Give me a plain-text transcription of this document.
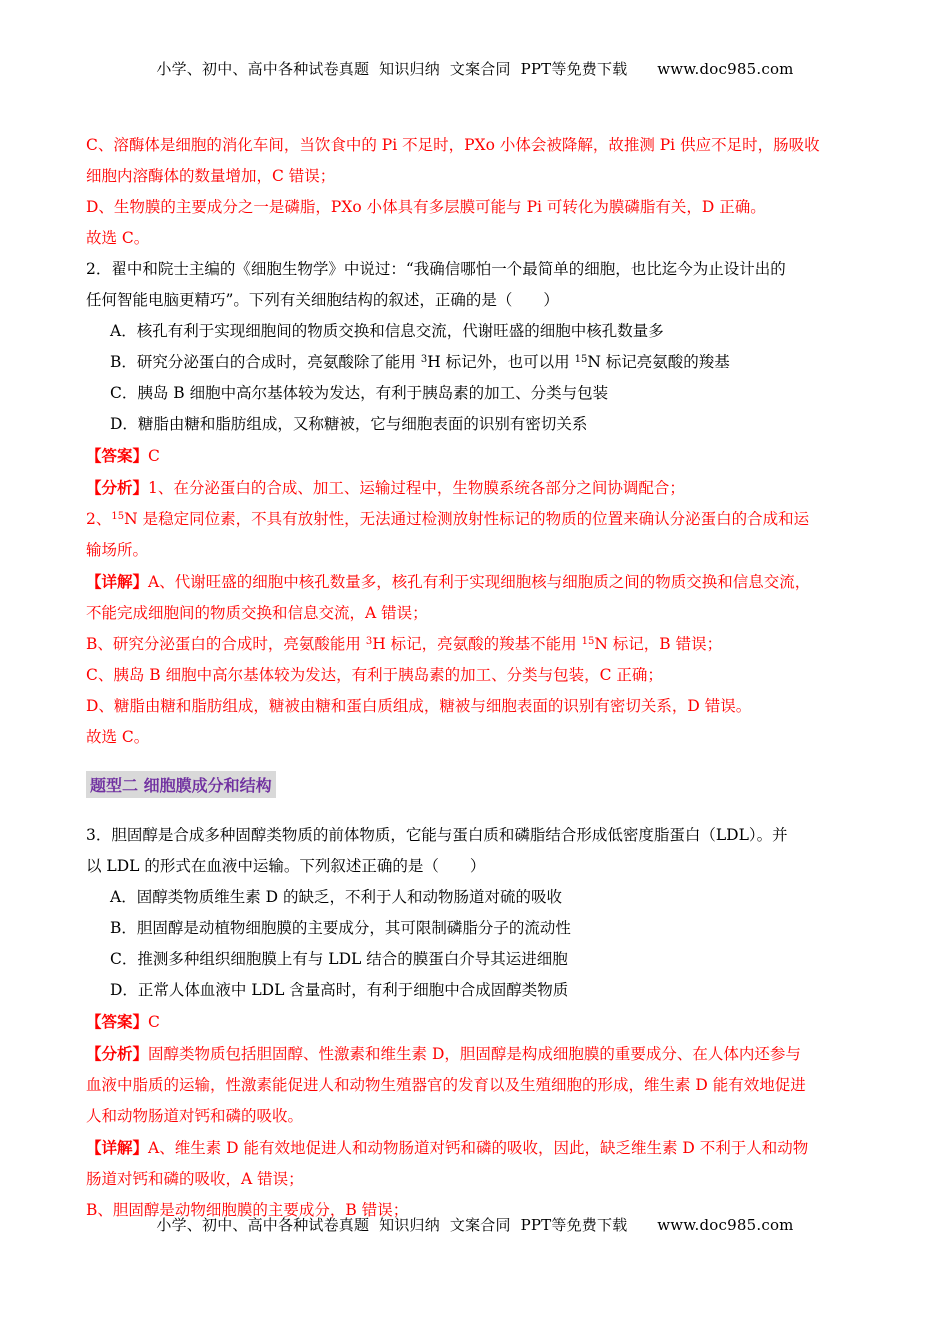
小学、初中、高中各种试卷真题  知识归纳  文案合同  PPT等免费下载      www.doc985.com

C、溶酶体是细胞的消化车间，当饮食中的 Pi 不足时，PXo 小体会被降解，故推测 Pi 供应不足时，肠吸收

细胞内溶酶体的数量增加，C 错误；

D、生物膜的主要成分之一是磷脂，PXo 小体具有多层膜可能与 Pi 可转化为膜磷脂有关，D 正确。

故选 C。

2．翟中和院士主编的《细胞生物学》中说过：“我确信哪怕一个最简单的细胞，也比迄今为止设计出的

任何智能电脑更精巧”。下列有关细胞结构的叙述，正确的是（　　）

A．核孔有利于实现细胞间的物质交换和信息交流，代谢旺盛的细胞中核孔数量多

B．研究分泌蛋白的合成时，亮氨酸除了能用 $^3$H 标记外，也可以用 $^{15}$N 标记亮氨酸的羧基

C．胰岛 B 细胞中高尔基体较为发达，有利于胰岛素的加工、分类与包装

D．糖脂由糖和脂肪组成，又称糖被，它与细胞表面的识别有密切关系

【答案】C

【分析】1、在分泌蛋白的合成、加工、运输过程中，生物膜系统各部分之间协调配合；

2、$^{15}$N 是稳定同位素，不具有放射性，无法通过检测放射性标记的物质的位置来确认分泌蛋白的合成和运

输场所。

【详解】A、代谢旺盛的细胞中核孔数量多，核孔有利于实现细胞核与细胞质之间的物质交换和信息交流，

不能完成细胞间的物质交换和信息交流，A 错误；

B、研究分泌蛋白的合成时，亮氨酸能用 $^3$H 标记，亮氨酸的羧基不能用 $^{15}$N 标记，B 错误；

C、胰岛 B 细胞中高尔基体较为发达，有利于胰岛素的加工、分类与包装，C 正确；

D、糖脂由糖和脂肪组成，糖被由糖和蛋白质组成，糖被与细胞表面的识别有密切关系，D 错误。

故选 C。

题型二 细胞膜成分和结构

3．胆固醇是合成多种固醇类物质的前体物质，它能与蛋白质和磷脂结合形成低密度脂蛋白（LDL）。并

以 LDL 的形式在血液中运输。下列叙述正确的是（　　）

A．固醇类物质维生素 D 的缺乏，不利于人和动物肠道对硫的吸收

B．胆固醇是动植物细胞膜的主要成分，其可限制磷脂分子的流动性

C．推测多种组织细胞膜上有与 LDL 结合的膜蛋白介导其运进细胞

D．正常人体血液中 LDL 含量高时，有利于细胞中合成固醇类物质

【答案】C

【分析】固醇类物质包括胆固醇、性激素和维生素 D，胆固醇是构成细胞膜的重要成分、在人体内还参与

血液中脂质的运输，性激素能促进人和动物生殖器官的发育以及生殖细胞的形成，维生素 D 能有效地促进

人和动物肠道对钙和磷的吸收。

【详解】A、维生素 D 能有效地促进人和动物肠道对钙和磷的吸收，因此，缺乏维生素 D 不利于人和动物

肠道对钙和磷的吸收，A 错误；

B、胆固醇是动物细胞膜的主要成分，B 错误；

小学、初中、高中各种试卷真题  知识归纳  文案合同  PPT等免费下载      www.doc985.com
